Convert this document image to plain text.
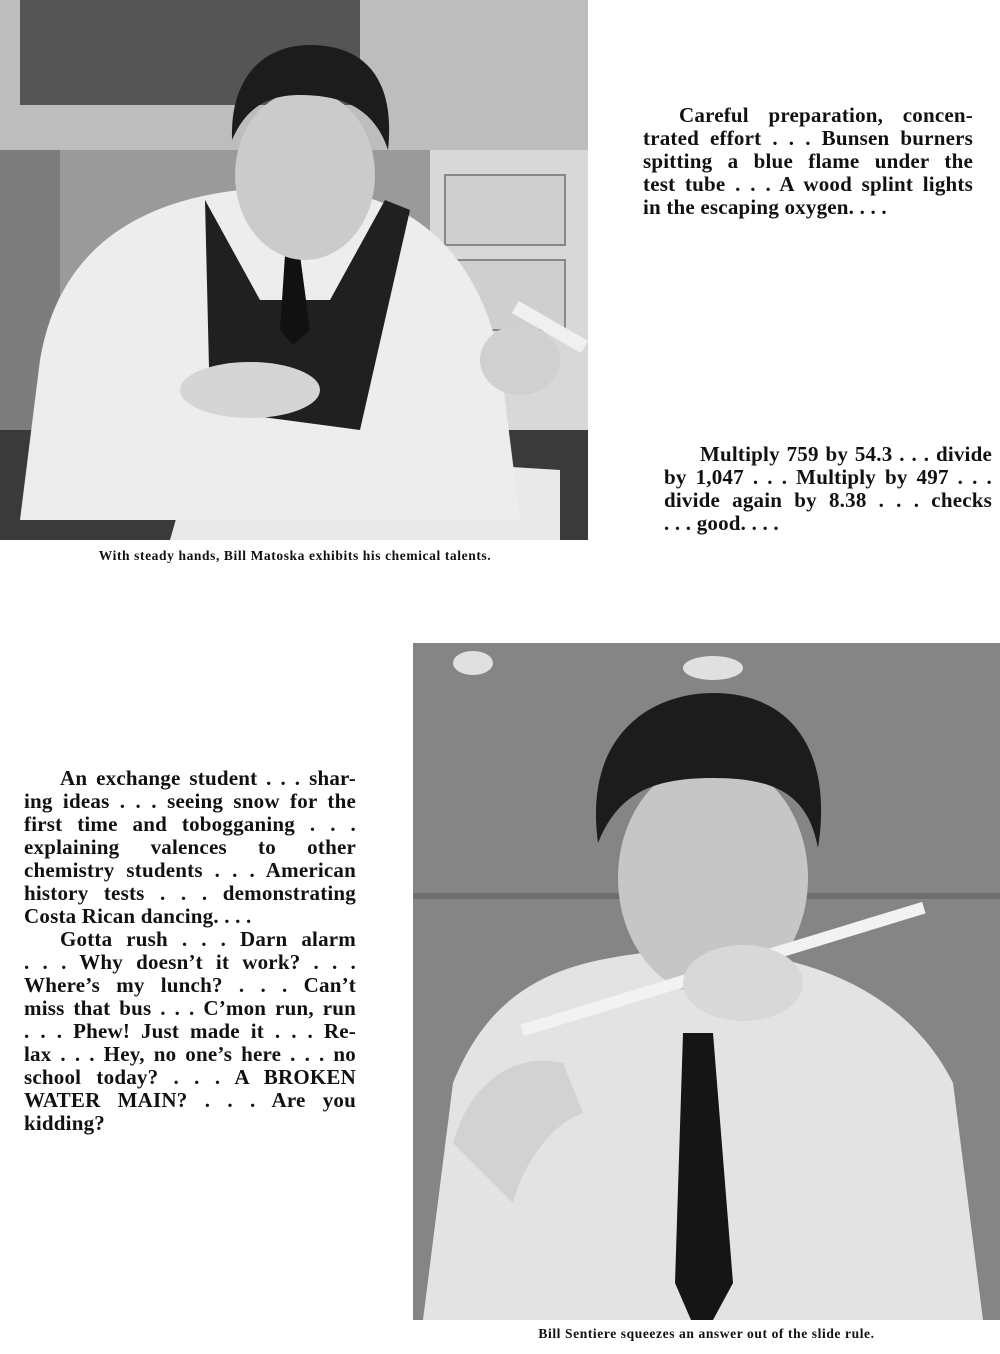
With steady hands, Bill Matoska exhibits his chemical talents.
Careful preparation, concen-
trated effort . . . Bunsen burners
spitting a blue flame under the
test tube . . . A wood splint lights
in the escaping oxygen. . . .
Multiply 759 by 54.3 . . . divide
by 1,047 . . . Multiply by 497 . . .
divide again by 8.38 . . . checks
. . . good. . . .
An exchange student . . . shar-
ing ideas . . . seeing snow for the
first time and tobogganing . . .
explaining valences to other
chemistry students . . . American
history tests . . . demonstrating
Costa Rican dancing. . . .
Gotta rush . . . Darn alarm
. . . Why doesn’t it work? . . .
Where’s my lunch? . . . Can’t
miss that bus . . . C’mon run, run
. . . Phew! Just made it . . . Re-
lax . . . Hey, no one’s here . . . no
school today? . . . A BROKEN
WATER MAIN? . . . Are you
kidding?
Bill Sentiere squeezes an answer out of the slide rule.
